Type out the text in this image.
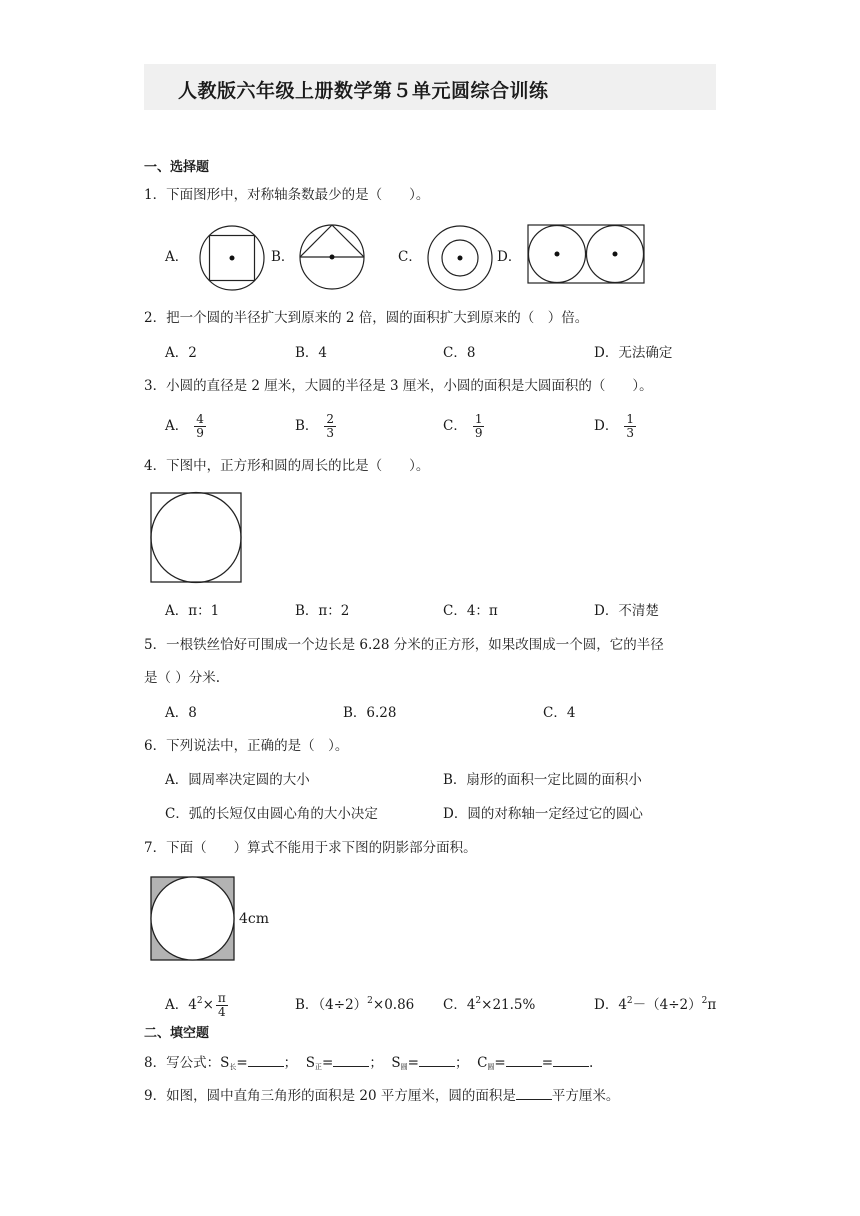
人教版六年级上册数学第５单元圆综合训练
一、选择题
1．下面图形中，对称轴条数最少的是（　　）。
A．	B．	C．	D．
2．把一个圆的半径扩大到原来的 2 倍，圆的面积扩大到原来的（　）倍。
A．2	B．4	C．8	D．无法确定
3．小圆的直径是 2 厘米，大圆的半径是 3 厘米，小圆的面积是大圆面积的（　　）。
A． $\frac{4}{9}$	B． $\frac{2}{3}$	C． $\frac{1}{9}$	D． $\frac{1}{3}$
4．下图中，正方形和圆的周长的比是（　　）。
A．π：1	B．π：2	C．4：π	D．不清楚
5．一根铁丝恰好可围成一个边长是 6.28 分米的正方形，如果改围成一个圆，它的半径
是（ ）分米.
A．8	B．6.28	C．4
6．下列说法中，正确的是（　）。
A．圆周率决定圆的大小	B．扇形的面积一定比圆的面积小
C．弧的长短仅由圆心角的大小决定	D．圆的对称轴一定经过它的圆心
7．下面（　　）算式不能用于求下图的阴影部分面积。
4cm
A．$4^2\times \frac{\pi}{4}$	B．$(4\div 2)^2\times 0.86$ C．$4^2\times 21.5\%$	D．$4^2-(4\div 2)^2\pi$
二、填空题
8．写公式：$S_长=$	； $S_正=$	； $S_圆=$	； $C_圆=$	=	.
9．如图，圆中直角三角形的面积是 20 平方厘米，圆的面积是	平方厘米。
